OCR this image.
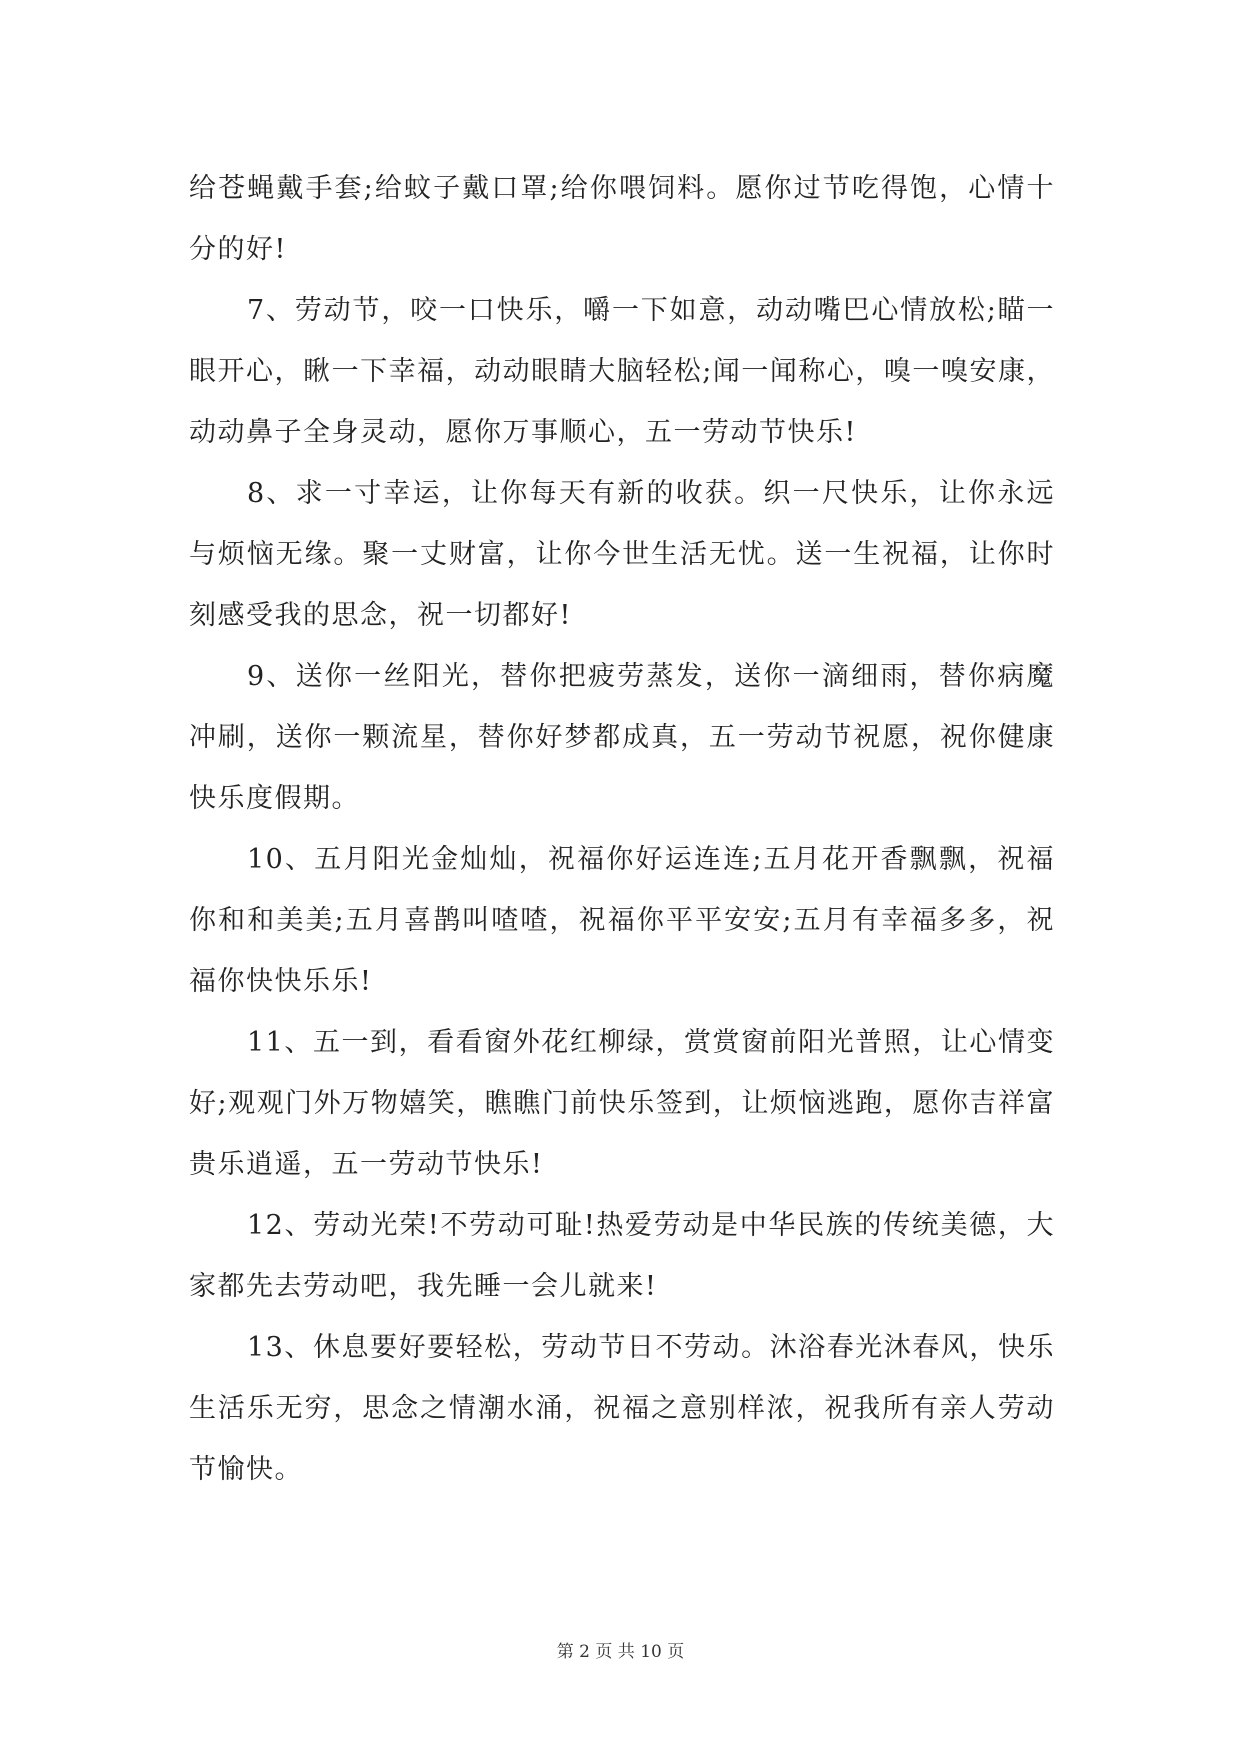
给苍蝇戴手套;给蚊子戴口罩;给你喂饲料。愿你过节吃得饱，心情十分的好!

7、劳动节，咬一口快乐，嚼一下如意，动动嘴巴心情放松;瞄一眼开心，瞅一下幸福，动动眼睛大脑轻松;闻一闻称心，嗅一嗅安康，动动鼻子全身灵动，愿你万事顺心，五一劳动节快乐!

8、求一寸幸运，让你每天有新的收获。织一尺快乐，让你永远与烦恼无缘。聚一丈财富，让你今世生活无忧。送一生祝福，让你时刻感受我的思念，祝一切都好!

9、送你一丝阳光，替你把疲劳蒸发，送你一滴细雨，替你病魔冲刷，送你一颗流星，替你好梦都成真，五一劳动节祝愿，祝你健康快乐度假期。

10、五月阳光金灿灿，祝福你好运连连;五月花开香飘飘，祝福你和和美美;五月喜鹊叫喳喳，祝福你平平安安;五月有幸福多多，祝福你快快乐乐!

11、五一到，看看窗外花红柳绿，赏赏窗前阳光普照，让心情变好;观观门外万物嬉笑，瞧瞧门前快乐签到，让烦恼逃跑，愿你吉祥富贵乐逍遥，五一劳动节快乐!

12、劳动光荣!不劳动可耻!热爱劳动是中华民族的传统美德，大家都先去劳动吧，我先睡一会儿就来!

13、休息要好要轻松，劳动节日不劳动。沐浴春光沐春风，快乐生活乐无穷，思念之情潮水涌，祝福之意别样浓，祝我所有亲人劳动节愉快。

第 2 页 共 10 页
